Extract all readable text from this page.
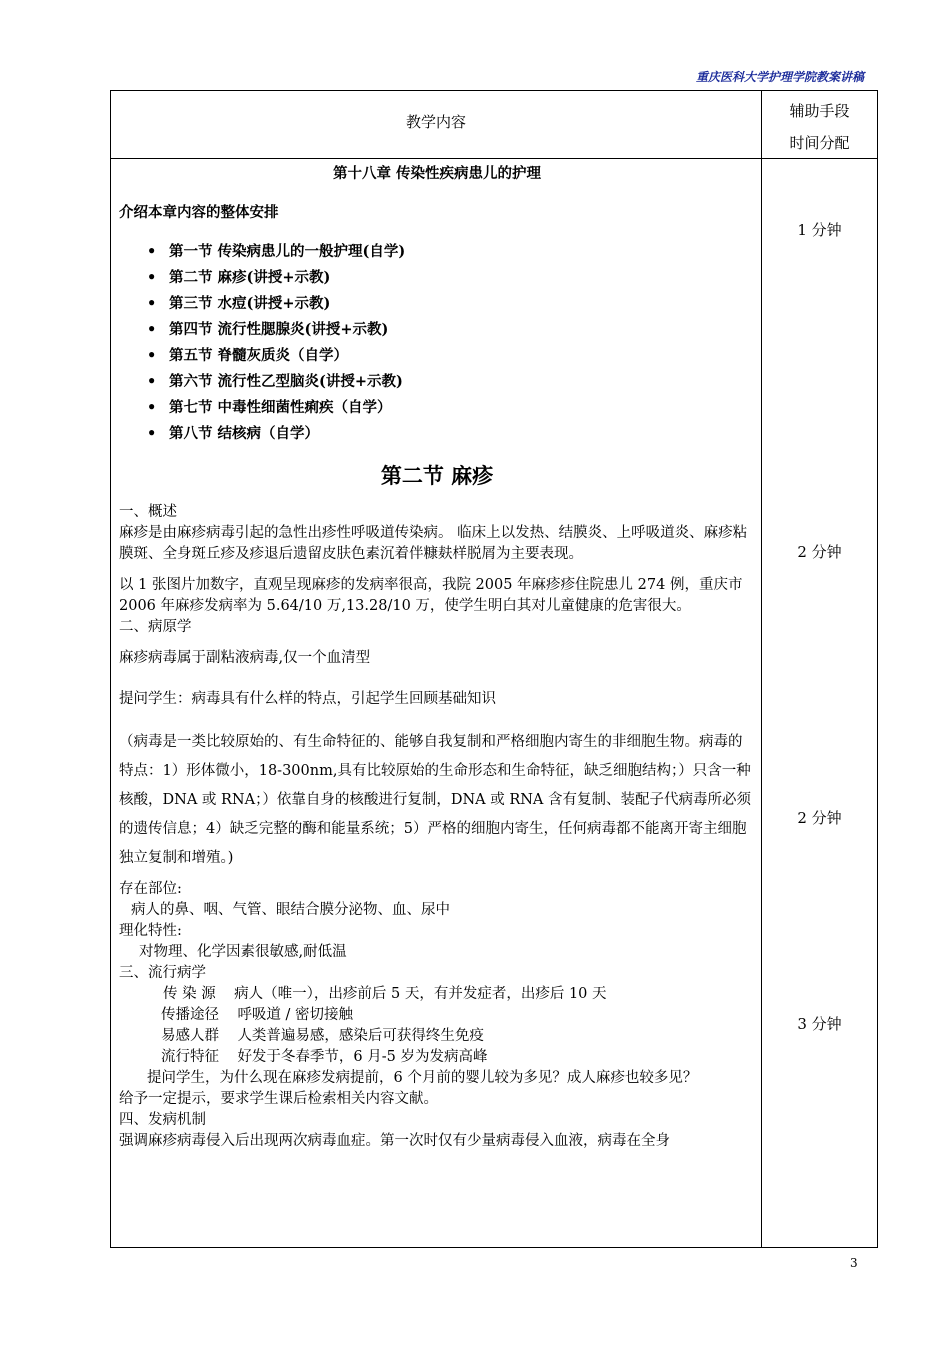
重庆医科大学护理学院教案讲稿
教学内容
辅助手段
时间分配
第十八章 传染性疾病患儿的护理
介绍本章内容的整体安排
• 第一节 传染病患儿的一般护理(自学)
• 第二节 麻疹(讲授+示教)
• 第三节 水痘(讲授+示教)
• 第四节 流行性腮腺炎(讲授+示教)
• 第五节 脊髓灰质炎（自学）
• 第六节 流行性乙型脑炎(讲授+示教)
• 第七节 中毒性细菌性痢疾（自学）
• 第八节 结核病（自学）
第二节 麻疹

一、概述

麻疹是由麻疹病毒引起的急性出疹性呼吸道传染病。 临床上以发热、结膜炎、上呼吸道炎、麻疹粘膜斑、全身斑丘疹及疹退后遗留皮肤色素沉着伴糠麸样脱屑为主要表现。

以 1 张图片加数字，直观呈现麻疹的发病率很高，我院 2005 年麻疹疹住院患儿 274 例，重庆市 2006 年麻疹发病率为 5.64/10 万,13.28/10 万，使学生明白其对儿童健康的危害很大。

二、病原学

麻疹病毒属于副粘液病毒,仅一个血清型

提问学生：病毒具有什么样的特点，引起学生回顾基础知识

（病毒是一类比较原始的、有生命特征的、能够自我复制和严格细胞内寄生的非细胞生物。病毒的特点：1）形体微小，18-300nm,具有比较原始的生命形态和生命特征，缺乏细胞结构；）只含一种核酸，DNA 或 RNA；）依靠自身的核酸进行复制，DNA 或 RNA 含有复制、装配子代病毒所必须的遗传信息；4）缺乏完整的酶和能量系统；5）严格的细胞内寄生，任何病毒都不能离开寄主细胞独立复制和增殖。)

存在部位:

病人的鼻、咽、气管、眼结合膜分泌物、血、尿中

理化特性:

对物理、化学因素很敏感,耐低温

三、流行病学

传 染 源 病人（唯一），出疹前后 5 天，有并发症者，出疹后 10 天

传播途径 呼吸道 / 密切接触

易感人群 人类普遍易感，感染后可获得终生免疫

流行特征 好发于冬春季节，6 月-5 岁为发病高峰

提问学生，为什么现在麻疹发病提前，6 个月前的婴儿较为多见？成人麻疹也较多见？

给予一定提示，要求学生课后检索相关内容文献。

四、发病机制

强调麻疹病毒侵入后出现两次病毒血症。第一次时仅有少量病毒侵入血液，病毒在全身

1 分钟
2 分钟
2 分钟
3 分钟
3
